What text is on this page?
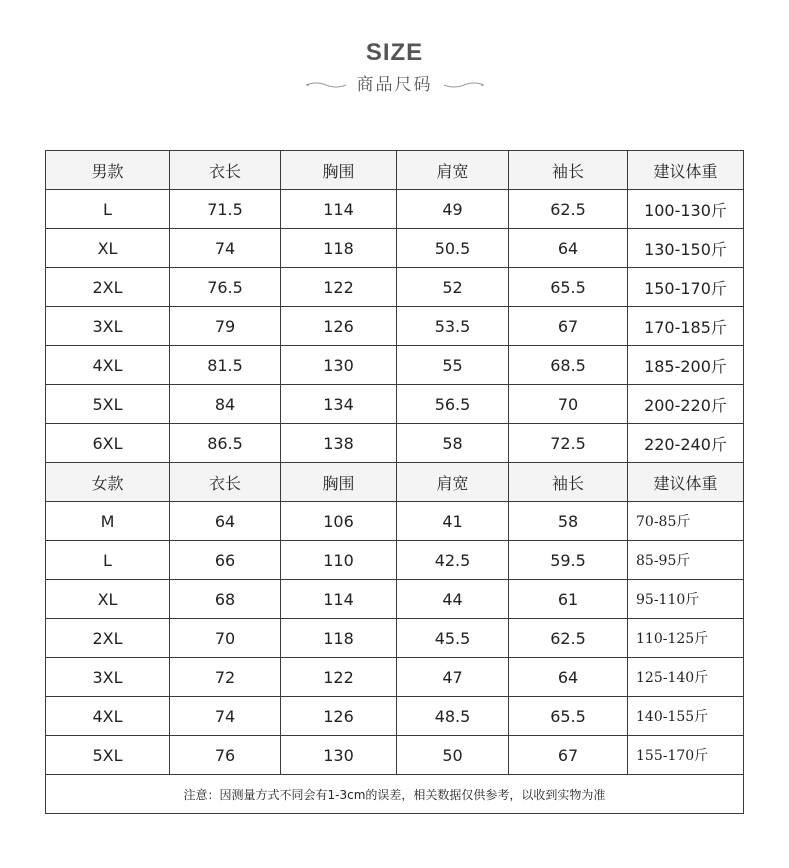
SIZE
商品尺码
男款	衣长	胸围	肩宽	袖长	建议体重
L	71.5	114	49	62.5	100-130斤
XL	74	118	50.5	64	130-150斤
2XL	76.5	122	52	65.5	150-170斤
3XL	79	126	53.5	67	170-185斤
4XL	81.5	130	55	68.5	185-200斤
5XL	84	134	56.5	70	200-220斤
6XL	86.5	138	58	72.5	220-240斤
女款	衣长	胸围	肩宽	袖长	建议体重
M	64	106	41	58	70-85斤
L	66	110	42.5	59.5	85-95斤
XL	68	114	44	61	95-110斤
2XL	70	118	45.5	62.5	110-125斤
3XL	72	122	47	64	125-140斤
4XL	74	126	48.5	65.5	140-155斤
5XL	76	130	50	67	155-170斤
注意：因测量方式不同会有1-3cm的误差，相关数据仅供参考，以收到实物为准					
